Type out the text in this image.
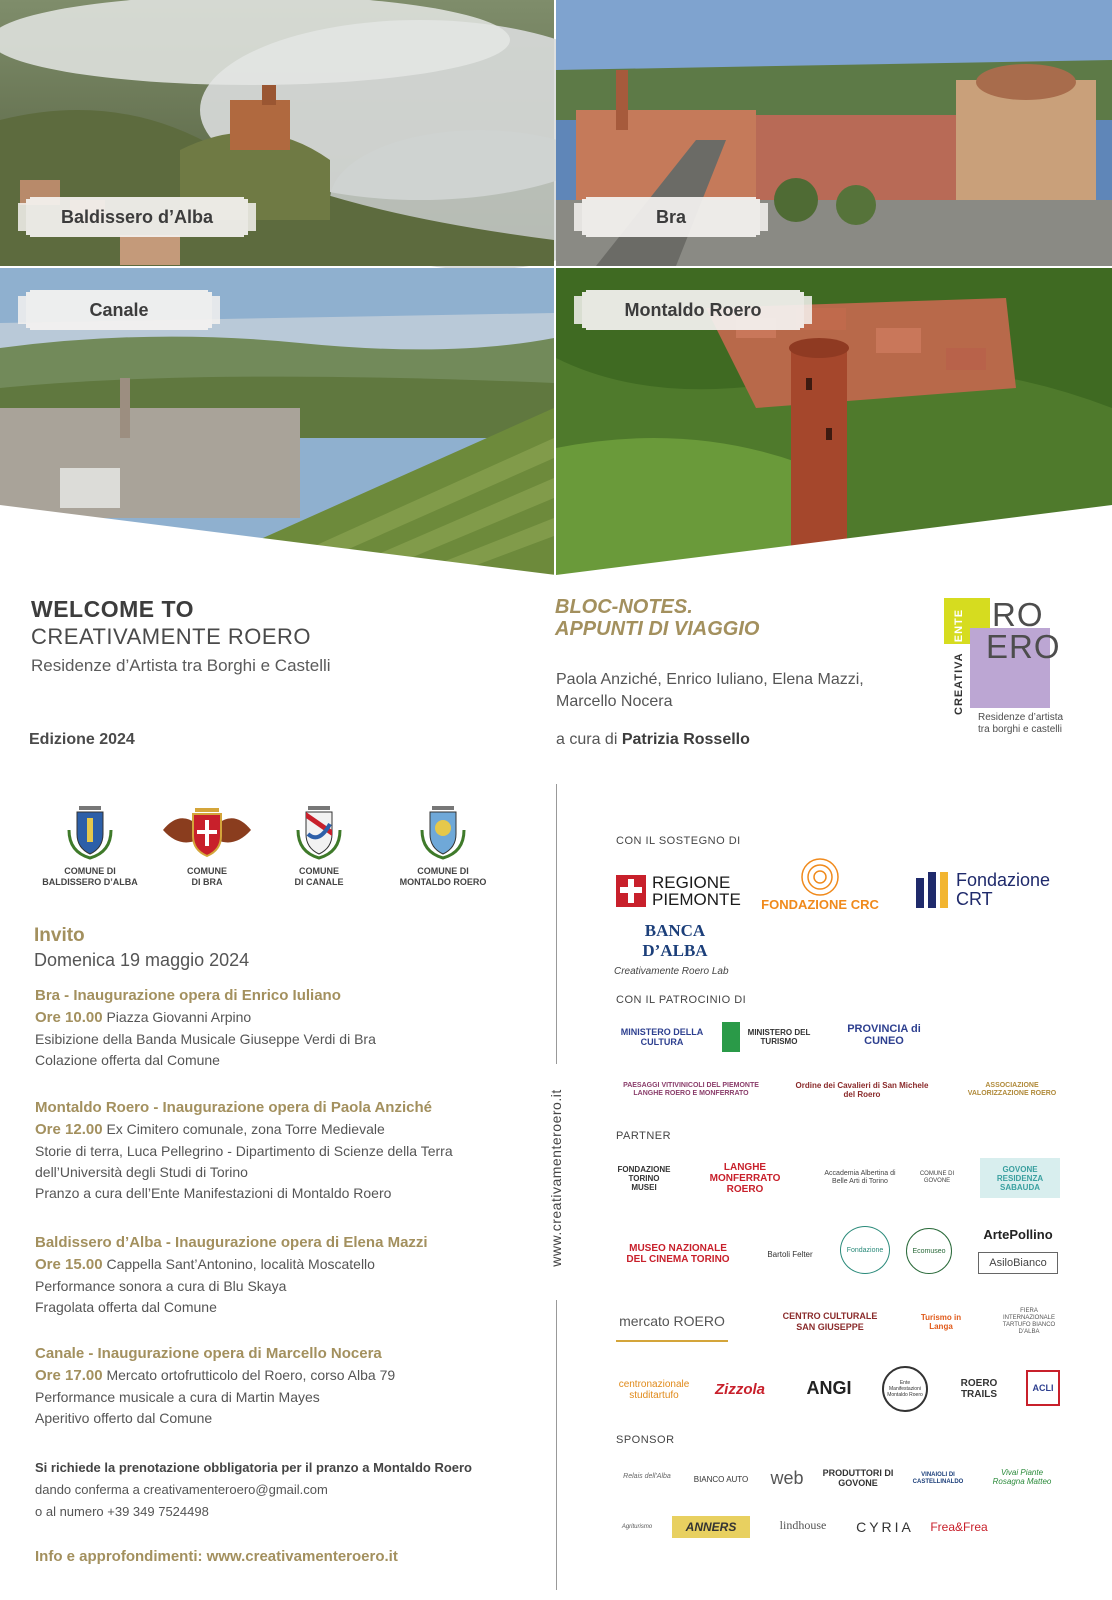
Baldissero d’Alba	Bra
Canale	Montaldo Roero
WELCOME TO
CREATIVAMENTE ROERO
Residenze d’Artista tra Borghi e Castelli
Edizione 2024
BLOC-NOTES.
APPUNTI DI VIAGGIO
Paola Anziché, Enrico Iuliano, Elena Mazzi,
Marcello Nocera
a cura di Patrizia Rossello
RO
ERO
CREATIVAMENTE
Residenze d’artista
tra borghi e castelli
COMUNE DI
BALDISSERO D’ALBA
COMUNE
DI BRA
COMUNE
DI CANALE
COMUNE DI
MONTALDO ROERO
Invito
Domenica 19 maggio 2024
Bra - Inaugurazione opera di Enrico Iuliano
Ore 10.00 Piazza Giovanni Arpino
Esibizione della Banda Musicale Giuseppe Verdi di Bra
Colazione offerta dal Comune
Montaldo Roero - Inaugurazione opera di Paola Anziché
Ore 12.00 Ex Cimitero comunale, zona Torre Medievale
Storie di terra, Luca Pellegrino - Dipartimento di Scienze della Terra
dell’Università degli Studi di Torino
Pranzo a cura dell’Ente Manifestazioni di Montaldo Roero
Baldissero d’Alba - Inaugurazione opera di Elena Mazzi
Ore 15.00 Cappella Sant’Antonino, località Moscatello
Performance sonora a cura di Blu Skaya
Fragolata offerta dal Comune
Canale - Inaugurazione opera di Marcello Nocera
Ore 17.00 Mercato ortofrutticolo del Roero, corso Alba 79
Performance musicale a cura di Martin Mayes
Aperitivo offerto dal Comune
Si richiede la prenotazione obbligatoria per il pranzo a Montaldo Roero
dando conferma a creativamenteroero@gmail.com
o al numero +39 349 7524498
Info e approfondimenti: www.creativamenteroero.it
www.creativamenteroero.it
CON IL SOSTEGNO DI
REGIONE PIEMONTE FONDAZIONE CRC
Fondazione CRT
BANCA D’ALBA
Creativamente Roero Lab
CON IL PATROCINIO DI
MINISTERO DELLA CULTURA
MINISTERO DEL TURISMO
PROVINCIA di CUNEO
PAESAGGI VITIVINICOLI DEL PIEMONTE LANGHE ROERO E MONFERRATO
Ordine dei Cavalieri di San Michele del Roero
ASSOCIAZIONE VALORIZZAZIONE ROERO
PARTNER
FONDAZIONE TORINO MUSEI
LANGHE MONFERRATO ROERO
Accademia Albertina di Belle Arti di Torino
COMUNE DI GOVONE
GOVONE RESIDENZA SABAUDA
MUSEO NAZIONALE DEL CINEMA TORINO	Bartoli Felter	Fondazione	Ecomuseo
ArtePollino
AsiloBianco
mercato ROERO	CENTRO CULTURALE SAN GIUSEPPE
Turismo in Langa
FIERA INTERNAZIONALE TARTUFO BIANCO D’ALBA
centronazionale studitartufo	Zizzola	ANGI	Ente Manifestazioni Montaldo Roero
ROERO TRAILS
ACLI
SPONSOR
Relais dell'Alba	BIANCO AUTO	web	PRODUTTORI DI GOVONE
VINAIOLI DI CASTELLINALDO
Vivai Piante Rosagna Matteo
Agriturismo	ANNERS	lindhouse	CYRIA	Frea&Frea
